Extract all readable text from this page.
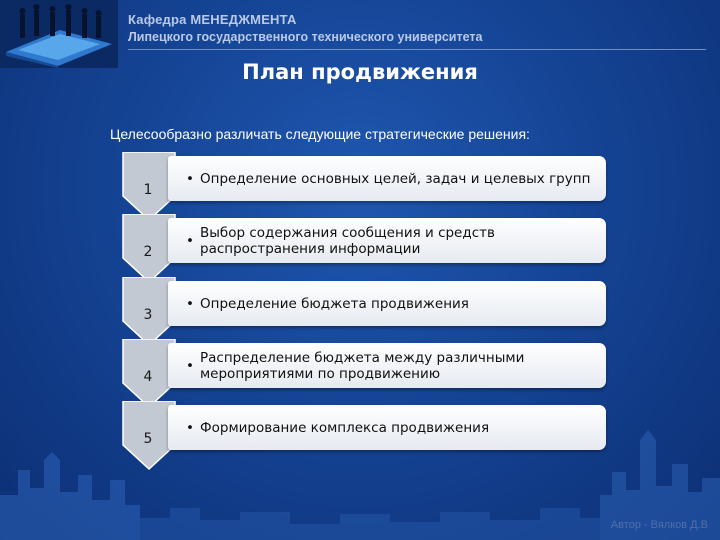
Кафедра МЕНЕДЖМЕНТА
Липецкого государственного технического университета
План продвижения
Целесообразно различать следующие стратегические решения:
• Определение основных целей, задач и целевых групп
1
• Выбор содержания сообщения и средств распространения информации
2
• Определение бюджета продвижения
3
• Распределение бюджета между различными мероприятиями по продвижению
4
• Формирование комплекса продвижения
5
Автор - Вялков Д.В
